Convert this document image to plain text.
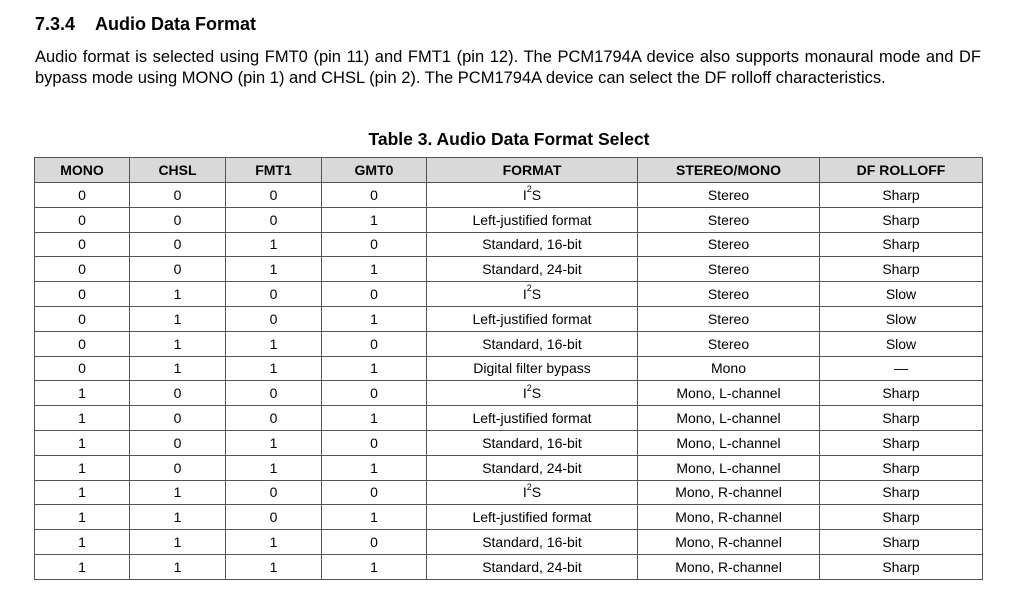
7.3.4 Audio Data Format
Audio format is selected using FMT0 (pin 11) and FMT1 (pin 12). The PCM1794A device also supports monaural mode and DF bypass mode using MONO (pin 1) and CHSL (pin 2). The PCM1794A device can select the DF rolloff characteristics.
Table 3. Audio Data Format Select
MONO	CHSL	FMT1	GMT0	FORMAT	STEREO/MONO	DF ROLLOFF
0	0	0	0	$I^2S$	Stereo	Sharp
0	0	0	1	Left-justified format	Stereo	Sharp
0	0	1	0	Standard, 16-bit	Stereo	Sharp
0	0	1	1	Standard, 24-bit	Stereo	Sharp
0	1	0	0	$I^2S$	Stereo	Slow
0	1	0	1	Left-justified format	Stereo	Slow
0	1	1	0	Standard, 16-bit	Stereo	Slow
0	1	1	1	Digital filter bypass	Mono	—
1	0	0	0	$I^2S$	Mono, L-channel	Sharp
1	0	0	1	Left-justified format	Mono, L-channel	Sharp
1	0	1	0	Standard, 16-bit	Mono, L-channel	Sharp
1	0	1	1	Standard, 24-bit	Mono, L-channel	Sharp
1	1	0	0	$I^2S$	Mono, R-channel	Sharp
1	1	0	1	Left-justified format	Mono, R-channel	Sharp
1	1	1	0	Standard, 16-bit	Mono, R-channel	Sharp
1	1	1	1	Standard, 24-bit	Mono, R-channel	Sharp
